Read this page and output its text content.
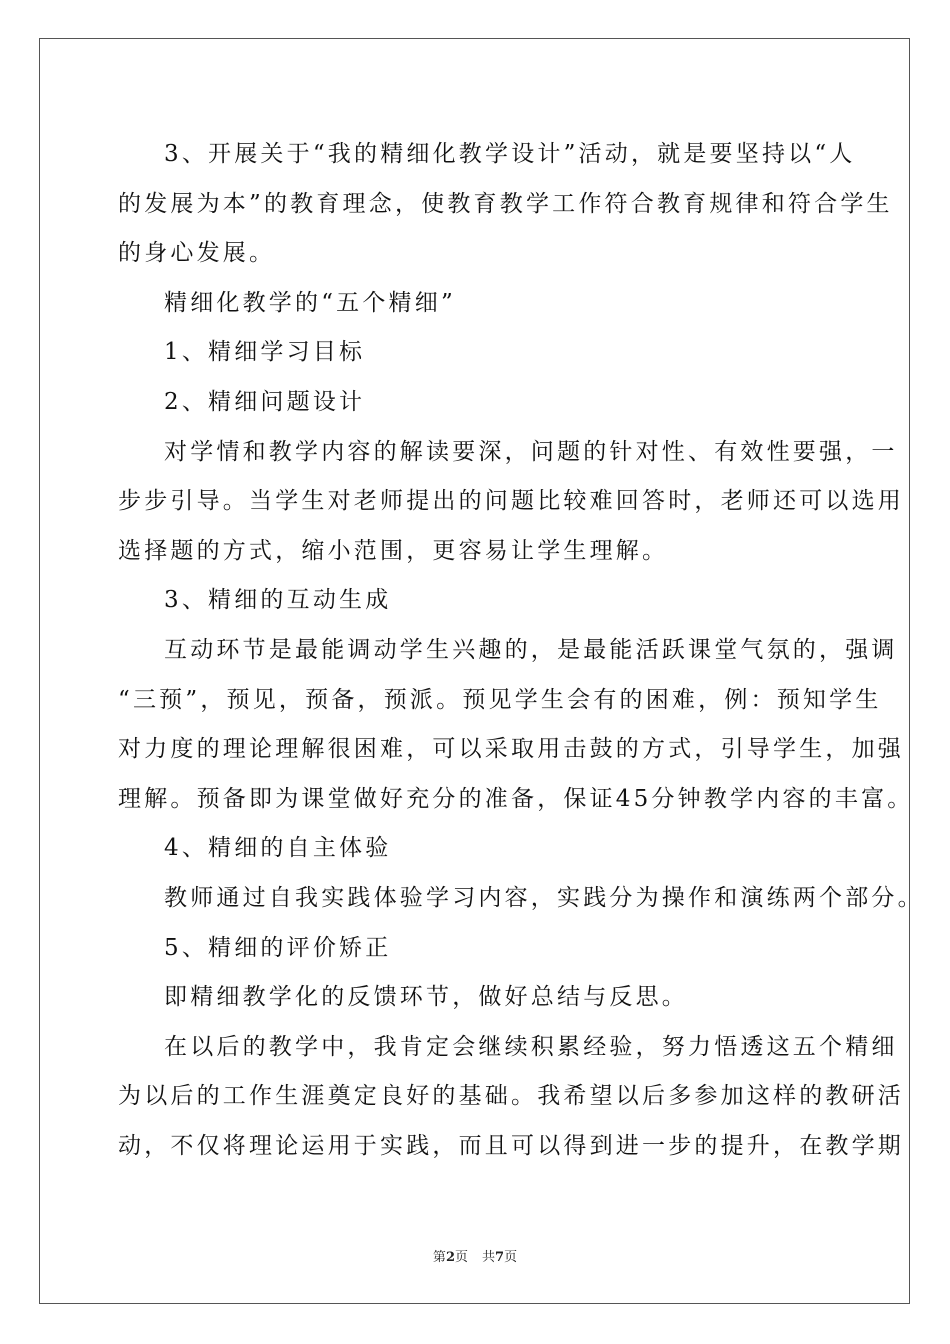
3、开展关于“我的精细化教学设计”活动，就是要坚持以“人
的发展为本”的教育理念，使教育教学工作符合教育规律和符合学生
的身心发展。
精细化教学的“五个精细”
1、精细学习目标
2、精细问题设计
对学情和教学内容的解读要深，问题的针对性、有效性要强，一
步步引导。当学生对老师提出的问题比较难回答时，老师还可以选用
选择题的方式，缩小范围，更容易让学生理解。
3、精细的互动生成
互动环节是最能调动学生兴趣的，是最能活跃课堂气氛的，强调
“三预”，预见，预备，预派。预见学生会有的困难，例：预知学生
对力度的理论理解很困难，可以采取用击鼓的方式，引导学生，加强
理解。预备即为课堂做好充分的准备，保证45分钟教学内容的丰富。
4、精细的自主体验
教师通过自我实践体验学习内容，实践分为操作和演练两个部分。
5、精细的评价矫正
即精细教学化的反馈环节，做好总结与反思。
在以后的教学中，我肯定会继续积累经验，努力悟透这五个精细
为以后的工作生涯奠定良好的基础。我希望以后多参加这样的教研活
动，不仅将理论运用于实践，而且可以得到进一步的提升，在教学期
第2页 共7页
